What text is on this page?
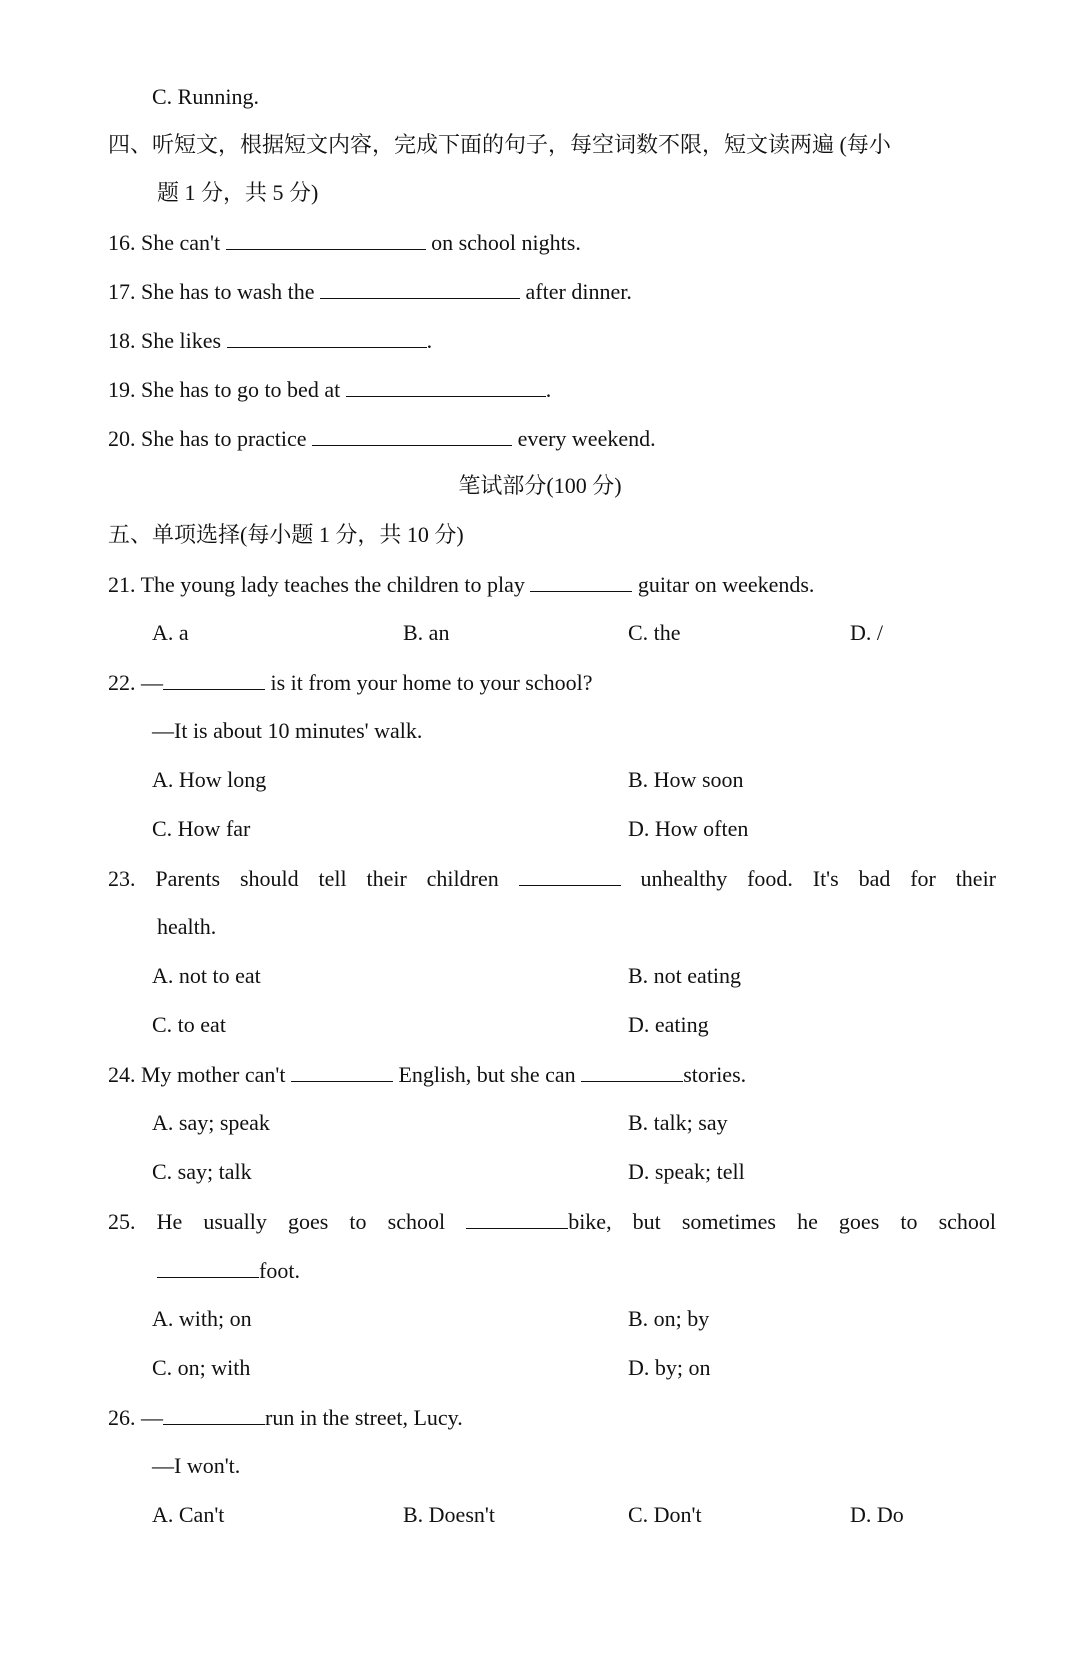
C. Running.
四、听短文，根据短文内容，完成下面的句子，每空词数不限，短文读两遍 (每小
题 1 分，共 5 分)
16. She can't	on school nights.
17. She has to wash the	after dinner.
18. She likes	.
19. She has to go to bed at	.
20. She has to practice	every weekend.
笔试部分(100 分)
五、单项选择(每小题 1 分，共 10 分)
21. The young lady teaches the children to play	guitar on weekends.
A. a	B. an	C. the	D. /
22. —	is it from your home to your school?
—It is about 10 minutes' walk.
A. How long	B. How soon
C. How far	D. How often
23. Parents should tell their children	unhealthy food. It's bad for their
health.
A. not to eat	B. not eating
C. to eat	D. eating
24. My mother can't	English, but she can	stories.
A. say; speak	B. talk; say
C. say; talk	D. speak; tell
25. He usually goes to school	bike, but sometimes he goes to school
foot.
A. with; on	B. on; by
C. on; with	D. by; on
26. —	run in the street, Lucy.
—I won't.
A. Can't	B. Doesn't	C. Don't	D. Do
